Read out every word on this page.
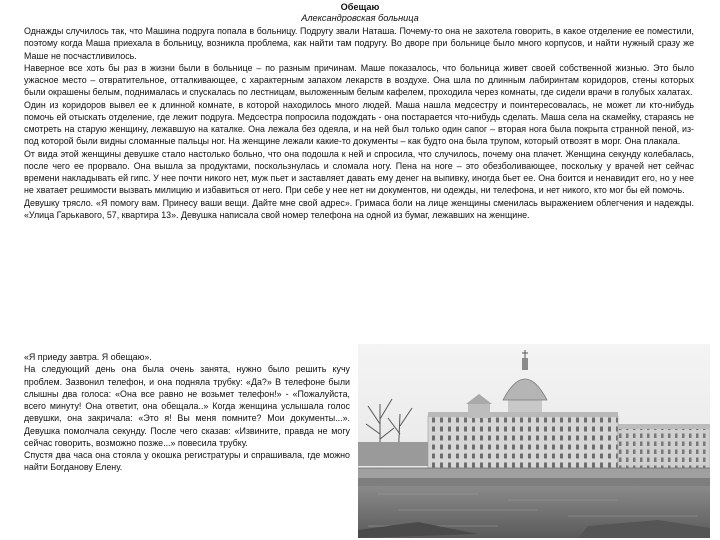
Обещаю
Александровская больница

Однажды случилось так, что Машина подруга попала в больницу. Подругу звали Наташа. Почему-то она не захотела говорить, в какое отделение ее поместили, поэтому когда Маша приехала в больницу, возникла проблема, как найти там подругу. Во дворе при больнице было много корпусов, и найти нужный сразу же Маше не посчастливилось.

Наверное все хоть бы раз в жизни были в больнице – по разным причинам. Маше показалось, что больница живет своей собственной жизнью. Это было ужасное место – отвратительное, отталкивающее, с характерным запахом лекарств в воздухе. Она шла по длинным лабиринтам коридоров, стены которых были окрашены белым, поднималась и спускалась по лестницам, выложенным белым кафелем, проходила через комнаты, где сидели врачи в голубых халатах.

Один из коридоров вывел ее к длинной комнате, в которой находилось много людей. Маша нашла медсестру и поинтересовалась, не может ли кто-нибудь помочь ей отыскать отделение, где лежит подруга. Медсестра попросила подождать - она постарается что-нибудь сделать. Маша села на скамейку, стараясь не смотреть на старую женщину, лежавшую на каталке. Она лежала без одеяла, и на ней был только один сапог – вторая нога была покрыта странной пеной, из-под которой были видны сломанные пальцы ног. На женщине лежали какие-то документы – как будто она была трупом, который отвозят в морг. Она плакала.

От вида этой женщины девушке стало настолько больно, что она подошла к ней и спросила, что случилось, почему она плачет. Женщина секунду колебалась, после чего ее прорвало. Она вышла за продуктами, поскользнулась и сломала ногу. Пена на ноге – это обезболивающее, поскольку у врачей нет сейчас времени накладывать ей гипс. У нее почти никого нет, муж пьет и заставляет давать ему денег на выпивку, иногда бьет ее. Она боится и ненавидит его, но у нее не хватает решимости вызвать милицию и избавиться от него. При себе у нее нет ни документов, ни одежды, ни телефона, и нет никого, кто мог бы ей помочь.

Девушку трясло. «Я помогу вам. Принесу ваши вещи. Дайте мне свой адрес». Гримаса боли на лице женщины сменилась выражением облегчения и надежды. «Улица Гарькавого, 57, квартира 13». Девушка написала свой номер телефона на одной из бумаг, лежавших на женщине.

«Я приеду завтра. Я обещаю».

На следующий день она была очень занята, нужно было решить кучу проблем. Зазвонил телефон, и она подняла трубку: «Да?» В телефоне были слышны два голоса: «Она все равно не возьмет телефон!» - «Пожалуйста, всего минуту! Она ответит, она обещала..» Когда женщина услышала голос девушки, она закричала: «Это я! Вы меня помните? Мои документы...». Девушка помолчала секунду. После чего сказав: «Извините, правда не могу сейчас говорить, возможно позже...» повесила трубку.

Спустя два часа она стояла у окошка регистратуры и спрашивала, где можно найти Богданову Елену.
